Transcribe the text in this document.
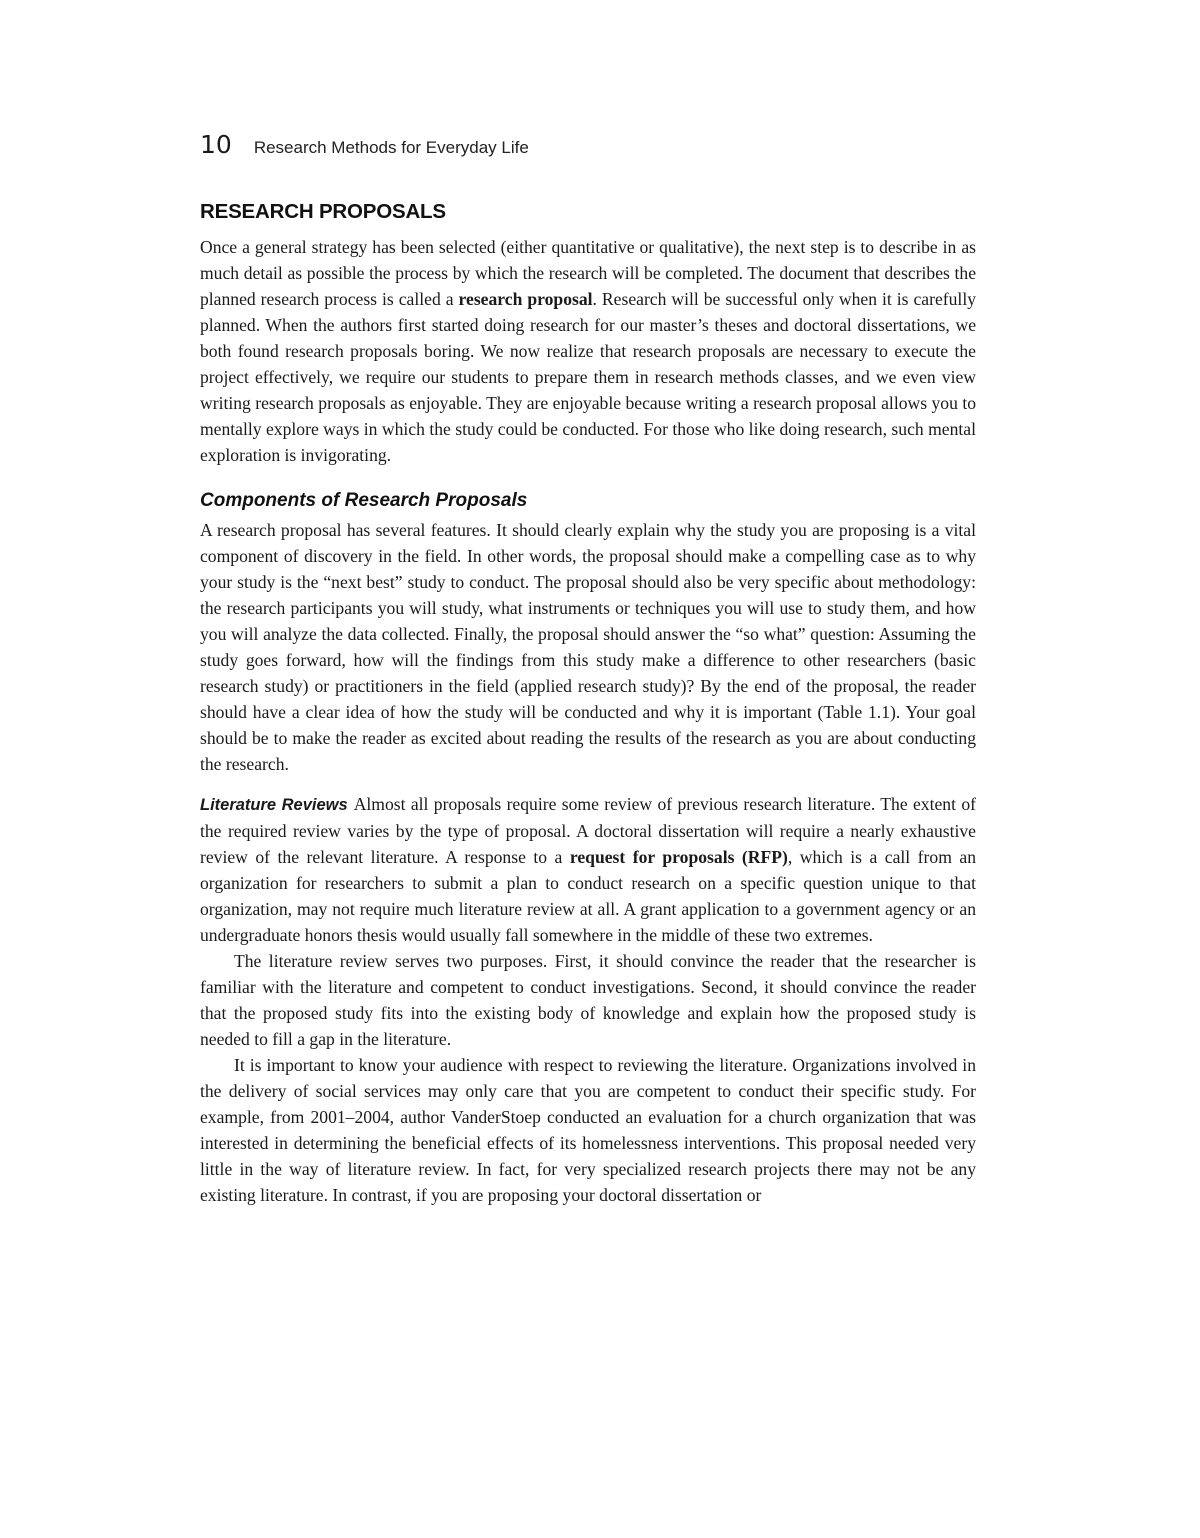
10 Research Methods for Everyday Life
RESEARCH PROPOSALS

Once a general strategy has been selected (either quantitative or qualitative), the next step is to describe in as much detail as possible the process by which the research will be completed. The document that describes the planned research process is called a research proposal. Research will be successful only when it is carefully planned. When the authors first started doing research for our master’s theses and doctoral dissertations, we both found research proposals boring. We now realize that research proposals are necessary to execute the project effectively, we require our students to prepare them in research methods classes, and we even view writing research proposals as enjoyable. They are enjoyable because writing a research proposal allows you to mentally explore ways in which the study could be conducted. For those who like doing research, such mental exploration is invigorating.

Components of Research Proposals

A research proposal has several features. It should clearly explain why the study you are proposing is a vital component of discovery in the field. In other words, the proposal should make a compelling case as to why your study is the “next best” study to conduct. The proposal should also be very specific about methodology: the research participants you will study, what instruments or techniques you will use to study them, and how you will analyze the data collected. Finally, the proposal should answer the “so what” question: Assuming the study goes forward, how will the findings from this study make a difference to other researchers (basic research study) or practitioners in the field (applied research study)? By the end of the proposal, the reader should have a clear idea of how the study will be conducted and why it is important (Table 1.1). Your goal should be to make the reader as excited about reading the results of the research as you are about conducting the research.

Literature Reviews Almost all proposals require some review of previous research literature. The extent of the required review varies by the type of proposal. A doctoral dissertation will require a nearly exhaustive review of the relevant literature. A response to a request for proposals (RFP), which is a call from an organization for researchers to submit a plan to conduct research on a specific question unique to that organization, may not require much literature review at all. A grant application to a government agency or an undergraduate honors thesis would usually fall somewhere in the middle of these two extremes.

The literature review serves two purposes. First, it should convince the reader that the researcher is familiar with the literature and competent to conduct investigations. Second, it should convince the reader that the proposed study fits into the existing body of knowledge and explain how the proposed study is needed to fill a gap in the literature.

It is important to know your audience with respect to reviewing the literature. Organizations involved in the delivery of social services may only care that you are competent to conduct their specific study. For example, from 2001–2004, author VanderStoep conducted an evaluation for a church organization that was interested in determining the beneficial effects of its homelessness interventions. This proposal needed very little in the way of literature review. In fact, for very specialized research projects there may not be any existing literature. In contrast, if you are proposing your doctoral dissertation or
